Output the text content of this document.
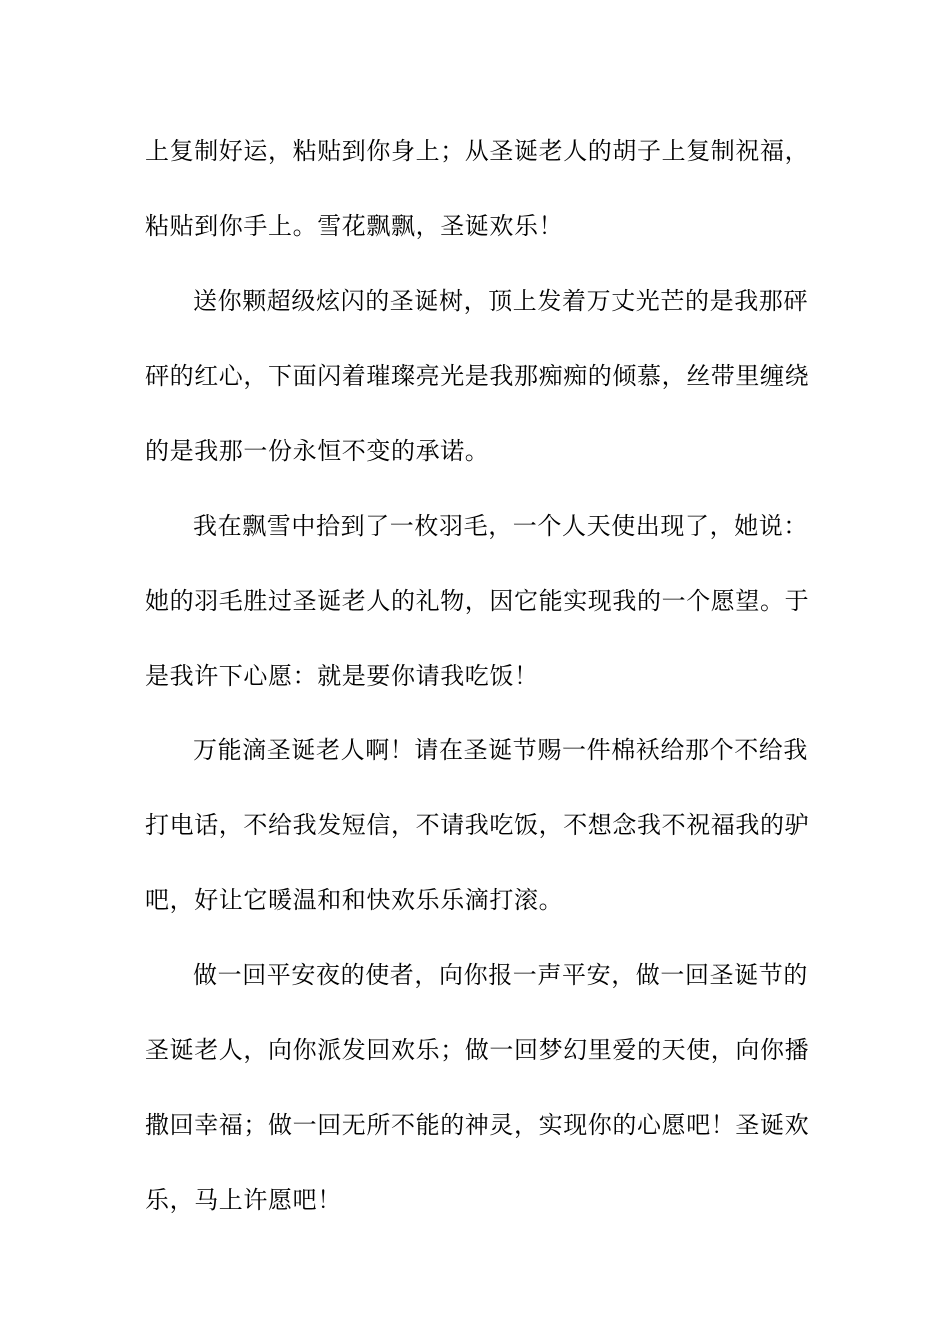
上复制好运，粘贴到你身上；从圣诞老人的胡子上复制祝福，
粘贴到你手上。雪花飘飘，圣诞欢乐！
送你颗超级炫闪的圣诞树，顶上发着万丈光芒的是我那砰
砰的红心，下面闪着璀璨亮光是我那痴痴的倾慕，丝带里缠绕
的是我那一份永恒不变的承诺。
我在飘雪中拾到了一枚羽毛，一个人天使出现了，她说：
她的羽毛胜过圣诞老人的礼物，因它能实现我的一个愿望。于
是我许下心愿：就是要你请我吃饭！
万能滴圣诞老人啊！请在圣诞节赐一件棉袄给那个不给我
打电话，不给我发短信，不请我吃饭，不想念我不祝福我的驴
吧，好让它暖温和和快欢乐乐滴打滚。
做一回平安夜的使者，向你报一声平安，做一回圣诞节的
圣诞老人，向你派发回欢乐；做一回梦幻里爱的天使，向你播
撒回幸福；做一回无所不能的神灵，实现你的心愿吧！圣诞欢
乐，马上许愿吧！
